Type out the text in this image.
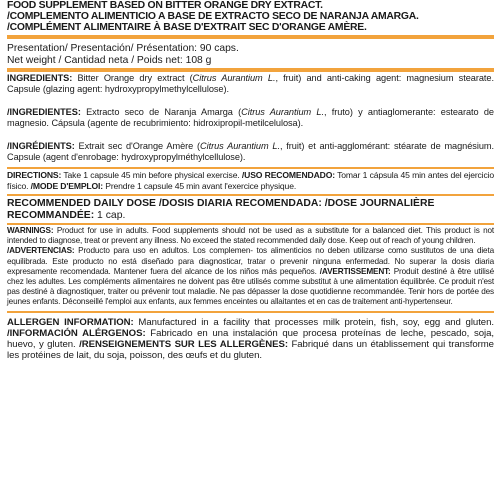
FOOD SUPPLEMENT BASED ON BITTER ORANGE DRY EXTRACT.
/COMPLEMENTO ALIMENTICIO A BASE DE EXTRACTO SECO DE NARANJA AMARGA.
/COMPLÉMENT ALIMENTAIRE À BASE D'EXTRAIT SEC D'ORANGE AMÈRE.
Presentation/ Presentación/ Présentation: 90 caps.
Net weight / Cantidad neta / Poids net: 108 g
INGREDIENTS: Bitter Orange dry extract (Citrus Aurantium L., fruit) and anti-caking agent: magnesium stearate. Capsule (glazing agent: hydroxypropylmethylcellulose).
/INGREDIENTES: Extracto seco de Naranja Amarga (Citrus Aurantium L., fruto) y antiaglomerante: estearato de magnesio. Cápsula (agente de recubrimiento: hidroxipropil-metilcelulosa).
/INGRÉDIENTS: Extrait sec d'Orange Amère (Citrus Aurantium L., fruit) et anti-agglomérant: stéarate de magnésium. Capsule (agent d'enrobage: hydroxypropylméthylcellulose).
DIRECTIONS: Take 1 capsule 45 min before physical exercise. /USO RECOMENDADO: Tomar 1 cápsula 45 min antes del ejercicio físico. /MODE D'EMPLOI: Prendre 1 capsule 45 min avant l'exercice physique.
RECOMMENDED DAILY DOSE /DOSIS DIARIA RECOMENDADA: /DOSE JOURNALIÈRE RECOMMANDÉE: 1 cap.
WARNINGS: Product for use in adults. Food supplements should not be used as a substitute for a balanced diet. This product is not intended to diagnose, treat or prevent any illness. No exceed the stated recommended daily dose. Keep out of reach of young children.
/ADVERTENCIAS: Producto para uso en adultos. Los complemen- tos alimenticios no deben utilizarse como sustitutos de una dieta equilibrada. Este producto no está diseñado para diagnosticar, tratar o prevenir ninguna enfermedad. No superar la dosis diaria expresamente recomendada. Mantener fuera del alcance de los niños más pequeños. /AVERTISSEMENT: Produit destiné à être utilisé chez les adultes. Les compléments alimentaires ne doivent pas être utilisés comme substitut à une alimentation équilibrée. Ce produit n'est pas destiné à diagnostiquer, traiter ou prévenir tout maladie. Ne pas dépasser la dose quotidienne recommandée. Tenir hors de portée des jeunes enfants. Déconseillé l'emploi aux enfants, aux femmes enceintes ou allaitantes et en cas de traitement anti-hypertenseur.
ALLERGEN INFORMATION: Manufactured in a facility that processes milk protein, fish, soy, egg and gluten. /INFORMACIÓN ALÉRGENOS: Fabricado en una instalación que procesa proteínas de leche, pescado, soja, huevo, y gluten. /RENSEIGNEMENTS SUR LES ALLERGÈNES: Fabriqué dans un établissement qui transforme les protéines de lait, du soja, poisson, des œufs et du gluten.
